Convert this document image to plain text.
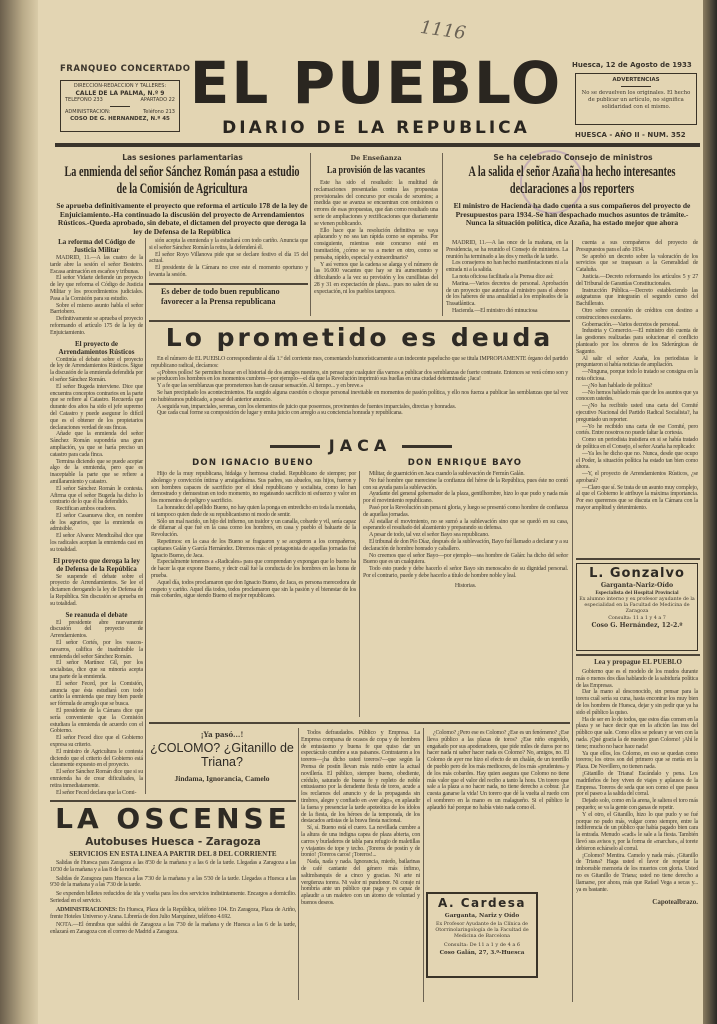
FRANQUEO CONCERTADO
DIRECCION-REDACCION Y TALLERES:
CALLE DE LA PALMA, N.º 9
TELEFONO 233	APARTADO 22
ADMINISTRACION:	Teléfono 213
COSO DE G. HERNANDEZ, N.º 45
EL PUEBLO
DIARIO DE LA REPUBLICA
1116
Huesca, 12 de Agosto de 1933
ADVERTENCIAS
No se devuelven los originales. El hecho de publicar un artículo, no significa solidaridad con el mismo.
HUESCA - AÑO II - NUM. 352
Las sesiones parlamentarias
La enmienda del señor Sánchez Román pasa a estudio de la Comisión de Agricultura
Se aprueba definitivamente el proyecto que reforma el artículo 178 de la ley de Enjuiciamiento.-Ha continuado la discusión del proyecto de Arrendamientos Rústicos.-Queda aprobado, sin debate, el dictamen del proyecto que deroga la ley de Defensa de la República
La reforma del Código de Justicia Militar

MADRID, 11.—A las cuatro de la tarde abre la sesión el señor Besteiro. Escasa animación en escaños y tribunas.

El señor Vidarte defiende un proyecto de ley que reforma el Código de Justicia Militar y los procedimientos judiciales. Pasa a la Comisión para su estudio.

Sobre el mismo asunto habla el señor Barriobero.

Definitivamente se aprueba el proyecto reformando el artículo 175 de la ley de Enjuiciamiento.

El proyecto de Arrendamientos Rústicos

Continúa el debate sobre el proyecto de ley de Arrendamientos Rústicos. Sigue la discusión de la enmienda defendida por el señor Sánchez Román.

El señor Bugeda interviene. Dice que encuentra conceptos contrarios en la parte que se refiere al Catastro. Recuerda que durante dos años ha sido el jefe supremo del Catastro y puede asegurar lo difícil que es el obtener de los propietarios declaraciones verdad de sus fincas.

Añade que la enmienda del señor Sánchez Román supondría una gran ampliación, ya que se haría preciso un catastro para cada finca.

Termina diciendo que se puede aceptar algo de la enmienda, pero que es inaceptable la parte que se refiere a amillaramiento y catastro.

El señor Sánchez Román le contesta. Afirma que el señor Bugeda ha dicho lo contrario de lo que él ha defendido.

Rectifican ambos oradores.

El señor Casanueva dice, en nombre de los agrarios, que la enmienda es admisible.

El señor Alvarez Mendizábal dice que los radicales aceptan la enmienda casi en su totalidad.

El proyecto que deroga la ley de Defensa de la República

Se suspende el debate sobre el proyecto de Arrendamientos. Se lee el dictamen derogando la ley de Defensa de la República. Sin discusión se aprueba en su totalidad.

Se reanuda el debate

El presidente abre nuevamente discusión del proyecto de Arrendamientos.

El señor Cortés, por los vascos-navarros, califica de inadmisible la enmienda del señor Sánchez Román.

El señor Martínez Gil, por los socialistas, dice que su minoría acepta una parte de la enmienda.

El señor Feced, por la Comisión, anuncia que ésta estudiará con todo cariño la enmienda que muy bien puede ser fórmula de arreglo que se busca.

El presidente de la Cámara dice que sería conveniente que la Comisión estudiara la enmienda de acuerdo con el Gobierno.

El señor Feced dice que el Gobierno expresa su criterio.

El ministro de Agricultura le contesta diciendo que el criterio del Gobierno está claramente expuesto en el proyecto.

El señor Sánchez Román dice que si su enmienda ha de crear dificultades, la retira inmediatamente.

El señor Feced declara que la Comi-

sión acepta la enmienda y la estudiará con todo cariño. Anuncia que si el señor Sánchez Román la retira, la defenderá él.

El señor Royo Villanova pide que se declare festivo el día 15 del actual.

El presidente de la Cámara no cree este el momento oportuno y levanta la sesión.

Es deber de todo buen republicano favorecer a la Prensa republicana
De Enseñanza
La provisión de las vacantes

Este ha sido el resultado: la multitud de reclamaciones presentadas contra las propuestas provisionales del concurso por escala de sexenios; a medida que se avanza se encuentran con omisiones o errores de esas propuestas, que dan como resultado una serie de ampliaciones y rectificaciones que diariamente se vienen publicando.

Ello hace que la resolución definitiva se vaya aplazando y no sea tan rápida como se esperaba. Por consiguiente, mientras este concurso esté en tramitación, ¿cómo se va a meter en otro, como se pensaba, rápido, especial y extraordinario?

Y así vemos que la cadena se alarga y el número de las 16.000 vacantes que hay se irá aumentando y dificultando a la vez su provisión y los cursillistas del 28 y 31 en expectación de plaza... pues no salen de su expectación, ni los pueblos tampoco.

Se ha celebrado Consejo de ministros
A la salida el señor Azaña ha hecho interesantes declaraciones a los reporters
El ministro de Hacienda ha dado cuenta a sus compañeros del proyecto de Presupuestos para 1934.-Se han despachado muchos asuntos de trámite.-Nunca la situación política, dice Azaña, ha estado mejor que ahora

MADRID, 11.—A las once de la mañana, en la Presidencia, se ha reunido el Consejo de ministros. La reunión ha terminado a las dos y media de la tarde.

Los consejeros no han hecho manifestaciones ni a la entrada ni a la salida.

La nota oficiosa facilitada a la Prensa dice así:

Marina.—Varios decretos de personal. Aprobación de un proyecto que autoriza al ministro para el abono de los haberes de una anualidad a los empleados de la Trasatlántica.

Hacienda.—El ministro dió minuciosa

cuenta a sus compañeros del proyecto de Presupuestos para el año 1934.

Se aprobó un decreto sobre la valoración de los servicios que se traspasan a la Generalidad de Cataluña.

Justicia.—Decreto reformando los artículos 5 y 27 del Tribunal de Garantías Constitucionales.

Instrucción Pública.—Decreto estableciendo las asignaturas que integrarán el segundo curso del Bachillerato.

Otro sobre concesión de créditos con destino a construcciones escolares.

Gobernación.—Varios decretos de personal.

Industria y Comercio.—El ministro dió cuenta de las gestiones realizadas para solucionar el conflicto planteado por los obreros de los Siderúrgicas de Sagunto.

Al salir el señor Azaña, los periodistas le preguntaron si había noticias de ampliación.

—Ninguna, porque todo lo tratado se consigna en la nota oficiosa.

—¿No han hablado de política?

—No hemos hablado más que de los asuntos que ya conocen ustedes.

—¿No ha recibido usted una carta del Comité ejecutivo Nacional del Partido Radical Socialista?, ha preguntado un reporter.

—Yo he recibido una carta de ese Comité, pero cortés. Entre nosotros no puede faltar la cortesía.

Como un periodista insistiera en si se había tratado de política en el Consejo, el señor Azaña ha replicado:

—Ya les he dicho que no. Nunca, desde que ocupo el Poder, la situación política ha estado tan bien como ahora.

—Y, el proyecto de Arrendamientos Rústicos, ¿se aprobará?

—Claro que sí. Se trata de un asunto muy complejo, al que el Gobierno le atribuye la máxima importancia. Por eso queremos que se discuta en la Cámara con la mayor amplitud y detenimiento.

Lo prometido es deuda

En el número de EL PUEBLO correspondiente al día 1.º del corriente mes, comentando humorísticamente a un indecente papelucho que se titula IMPROPIAMENTE órgano del partido republicano radical, decíamos:

«¡Pobres pollos! Se permiten hozar en el historial de dos amigos nuestros, sin pensar que cualquier día vamos a publicar dos semblanzas de fuerte contraste. Entonces se verá cómo son y se producen los hombres en los momentos cumbres—por ejemplo—el día que la Revolución imprimió sus huellas en una ciudad determinada: ¡Jaca!

Y a fe que las semblanzas que prometemos han de causar sensación. Al tiempo... y en breve.»

Se han precipitado los acontecimientos. Ha surgido alguna cuestión o choque personal inevitable en momentos de pasión política, y ello nos fuerza a publicar las semblanzas que tal vez no hubiéramos publicado, a pesar del anterior anuncio.

A seguida van, imparciales, serenas, con los elementos de juicio que poseemos, provinentes de fuentes imparciales, directas y honradas.

Que cada cual forme su composición de lugar y emita juicio con arreglo a su conciencia honrada y republicana.

JACA
DON IGNACIO BUENO	DON ENRIQUE BAYO

Hijo de la muy republicana, hidalga y hermosa ciudad. Republicano de siempre; por abolengo y convicción íntima y arraigadísima. Sus padres, sus abuelos, sus hijos, fueron y son hombres capaces de sacrificio por el ideal republicano y socialista, como lo han demostrado y demuestran en todo momento, no regateando sacrificio ni esfuerzo y valor en los momentos de peligro y sacrificio.

La honradez del apellido Bueno, no hay quien la ponga en entredicho en toda la montaña, ni tampoco quien dude de su republicanismo ni modo de sentir.

Sólo un mal nacido, un hijo del infierno, un traidor y un canalla, cobarde y vil, sería capaz de difamar al que fué en la casa como los hombres, en casa y pueblo el baluarte de la Revolución.

Repetimos: en la casa de los Bueno se fraguaron y se acogieron a los compañeros, capitanes Galán y García Hernández. Diremos más: el protagonista de aquellas jornadas fué Ignacio Bueno, de Jaca.

Especialmente tenemos a «Radicales» para que comprendan y expongan que lo bueno ha de hacer la que expone Bueno, y decir cuál fué la conducta de los hombres en las horas de prueba.

Aquel día, todos proclamaron que don Ignacio Bueno, de Jaca, es persona merecedora de respeto y cariño. Aquel día todos, todos proclamaron que sin la pasión y el bienestar de los más cobardes, sigue siendo Bueno el mejor republicano.

Militar, de guarnición en Jaca cuando la sublevación de Fermín Galán.

No fué hombre que mereciese la confianza del héroe de la República, pues éste no contó con su ayuda para la sublevación.

Ayudante del general gobernador de la plaza, gentilhombre, hizo lo que pudo y nada más por el movimiento republicano.

Pasó por la Revolución sin pena ni gloria, y luego se presentó como hombre de confianza de aquellas jornadas.

Al estallar el movimiento, no se sumó a la sublevación sino que se quedó en su casa, esperando el resultado del alzamiento y preparando su defensa.

A pesar de todo, tal vez el señor Bayo sea republicano.

El tribunal de don Pío Díaz, después de la sublevación, Bayo fué llamado a declarar y a su declaración de hombre honrado y caballero.

No creemos que el señor Bayo—por ejemplo—sea hombre de Galán: ha dicho del señor Bueno que es un cualquiera.

Todo esto puede y debe hacerlo el señor Bayo sin menoscabo de su dignidad personal. Por el contrario, puede y debe hacerlo a título de hombre noble y leal.

Historias.
¡Ya pasó...!
¿COLOMO? ¿Gitanillo de Triana?
Jindama, Ignorancia, Camelo

Todos defraudados. Público y Empresa. La Empresa comparsa de ocasos de copa y de hombres de entusiasmo y buena fe que quiso dar un espectáculo cumbre a sus paisanos. Contrataron a los toreros—¡ha dicho usted toreros?—que según la Prensa de postín llevan más ruido entre la actual novillería. El público, siempre bueno, obediente, crédulo, saturado de buena fe y repleto de noble entusiasmo por la deradente fiesta de toros, acude a los reclamos del anuncio y de la propaganda sin timbres, alegre y confiado en «ver algo», en aplaudir la faena y presenciar la tarde apoteótica de los ídolos de la fiesta, de los héroes de la temporada, de los destacados artistas de la brava fiesta nacional.

Sí, sí. Bueno está el cuero. La novillada cumbre a la altura de una indigna capea de plaza abierta, con carros y burladeros de tabla para refugio de maletillas y viajantes de tope y techo. ¡Toreros de postín y de tronío! ¡Toreros caros! ¡Toreros!...

Nada, nada y nada. Ignorancia, miedo, bailarinas de café cantante del género más ínfimo, saltimbanquis de a cinco y gracias. Ni arte ni vergüenza torera. Ni valor ni pundonor. Ni coraje ni hombría ante un público que paga y es capaz de aplaudir a un maleteo con un átomo de voluntad y buenos deseos.

¿Colomo? ¿Pero ese es Colomo? ¿Ese es un fenómeno? ¿Ese lleva público a las plazas de toros? ¿Ese niño engreído, engañado por sus apoderadores, que pide miles de duros por no hacer nada ni saber hacer nada es Colomo? No, amigos, no. El Colomo de ayer me hizo el efecto de un chalán, de un torerillo de pueblo pero de los más mediocres, de los más «prudentes» y de los más cobardes. Hay quien asegura que Colomo no tiene más valor que el valor del recibo a tanto la hora. Un torero que sale a la plaza a no hacer nada, no tiene derecho a cobrar. ¡Le cuesta ganarse la vida! Un torero que dé la vuelta al ruedo con el sombrero en la mano es un malagueño. Si el público le aplaudió fué porque no había visto nada como él.

LA OSCENSE
Autobuses Huesca - Zaragoza
SERVICIOS EN ESTA LINEA A PARTIR DEL 8 DEL CORRIENTE

Salidas de Huesca para Zaragoza a las 8'30 de la mañana y a las 6 de la tarde. Llegadas a Zaragoza a las 10'30 de la mañana y a las 8 de la noche.

Salidas de Zaragoza para Huesca a las 7'30 de la mañana y a las 5'30 de la tarde. Llegadas a Huesca a las 9'30 de la mañana y a las 7'30 de la tarde.

Se expenden billetes reducidos de ida y vuelta para los dos servicios indistintamente. Encargos a domicilio. Seriedad en el servicio.

ADMINISTRACIONES: En Huesca, Plaza de la República, teléfono 104. En Zaragoza, Plaza de Ariño, frente Hoteles Universo y Arana. Librería de don Julio Marquínez, teléfono 4.692.

NOTA.—El ómnibus que saldrá de Zaragoza a las 7'30 de la mañana y de Huesca a las 6 de la tarde, enlazará en Zaragoza con el correo de Madrid a Zaragoza.

A. Cardesa
Garganta, Nariz y Oído
Ex Profesor Ayudante de la Clínica de Otorrinolaringología de la Facultad de Medicina de Barcelona
Consulta: De 11 a 1 y de 4 a 6
Coso Galán, 27, 3.º-Huesca
L. Gonzalvo
Garganta-Nariz-Oído
Especialista del Hospital Provincial
Ex alumno interno y ex profesor ayudante de la especialidad en la Facultad de Medicina de Zaragoza
Consulta: 11 a 1 y 4 a 7
Coso G. Hernández, 12-2.º
Lea y propague EL PUEBLO

Gobierno que es el modelo de los mudos durante más o menos dos días hablando de la sabiduría política de las Empresas.

Dar la mano al desconocido, sin pensar para la torera cuál sería su cuna, hasta encontrar los muy bien de los hombres de Huesca, dejar y sin pedir que ya ha sido el público la quiso.

Ha de ser en lo de todos, que estos días comen en la plaza y se hace decir que en la afición las iras del público que sale. Como ellos se pelean y se ven con la nada. ¡Qué gracia la de nuestro gran Colomo! ¡Ahí le tiene; mucho no hace hace nada!

Ya que ellos, los Colomo, en eso se quedan como toreros; los otros son del primero que se metía en la Plaza. De Novillero, no tienen nada.

¡Gitanillo de Triana! Escándalo y pena. Los madrileños de hoy viven de viajes y aplausos de la Empresa. Toreros de seda que son como el que pasea por el paseo a la salida del corral.

Dejado solo, como en la arena, le saliera el toro más pequeño; se va la gente con ganas de repetir.

Y el otro, el Gitanillo, hizo lo que pudo y se fué porque no pudo más, vulgar como siempre, entre la indiferencia de un público que había pagado bien cara la entrada. Menudo «cadi» le sale a la fiesta. También llevó sus avisos y, por la forma de «marchar», al torete debieron echárselo al corral.

¡Colomo? Mentira. Camelo y nada más. ¡Gitanillo de Triana? Haga usted el favor de respetar la imborrable memoria de los muertos con gloria. Usted no es Gitanillo de Triana; usted no tiene derecho a llamarse, por ahora, más que Rafael Vega a secas y... ya es bastante.

Capotealbrazo.
